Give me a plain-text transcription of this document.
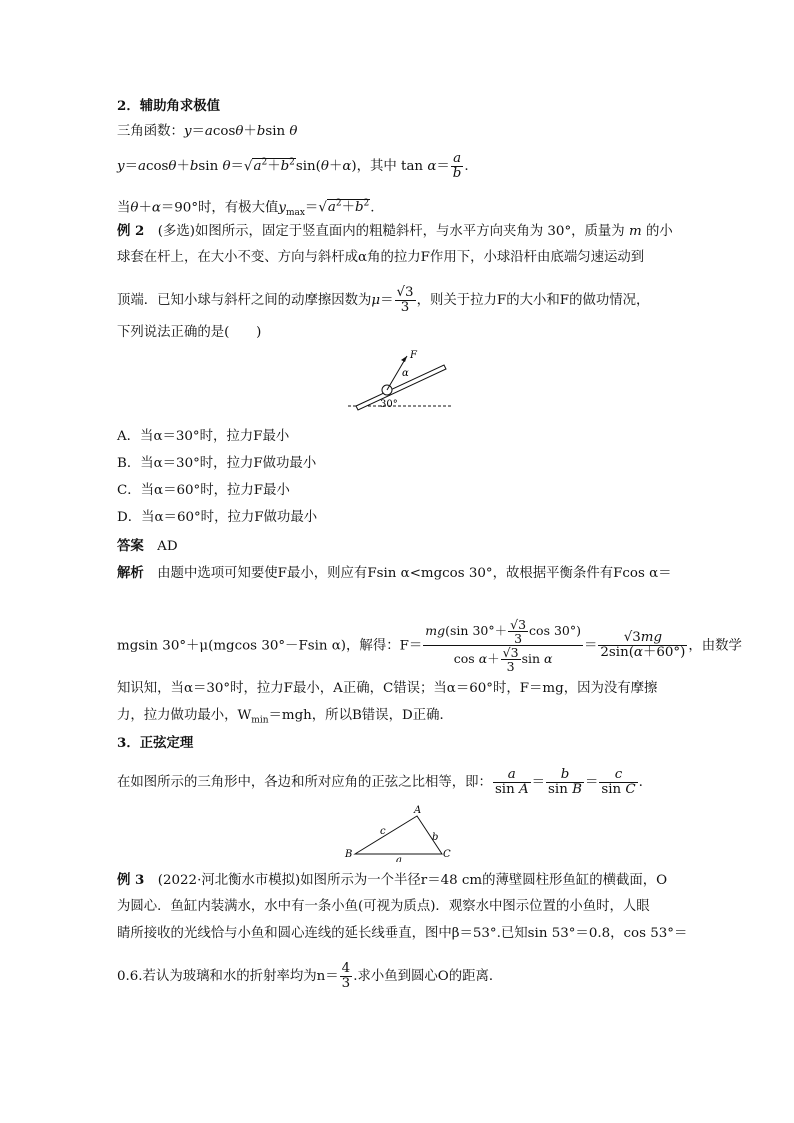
2．辅助角求极值
三角函数：y＝acosθ＋bsin θ
y＝acosθ＋bsin $\theta=√a^2+b^2\sin(\theta+\alpha)$，其中 $\tan \alpha= \frac{a}{b}$ .
当θ＋α＝90°时，有极大值$y_{max}=√a^2+b^2$.
例 2　 (多选)如图所示，固定于竖直面内的粗糙斜杆，与水平方向夹角为 30°，质量为 m 的小
球套在杆上，在大小不变、方向与斜杆成α角的拉力F作用下，小球沿杆由底端匀速运动到
顶端．已知小球与斜杆之间的动摩擦因数为$\mu= \frac{√3}{3}$ ，则关于拉力F的大小和F的做功情况，
下列说法正确的是(　　)
F
α
30°
A．当α＝30°时，拉力F最小
B．当α＝30°时，拉力F做功最小
C．当α＝60°时，拉力F最小
D．当α＝60°时，拉力F做功最小
答案　 AD
解析　 由题中选项可知要使F最小，则应有Fsin α<mgcos 30°，故根据平衡条件有Fcos α＝
mgsin 30°＋μ(mgcos 30°－Fsin α)，解得：$F= \frac{mg(\sin 30^\circ+ \frac{√3}{3} \cos 30^\circ)}{\cos \alpha+ \frac{√3}{3} \sin \alpha} = \frac{√3mg}{2\sin(\alpha+60^\circ)}$ ，由数学
知识知，当α＝30°时，拉力F最小，A正确，C错误；当α＝60°时，F＝mg，因为没有摩擦
力，拉力做功最小，$W_{min}=mgh$，所以B错误，D正确．
3．正弦定理
在如图所示的三角形中，各边和所对应角的正弦之比相等，即： $\frac{a}{\text{sin A}} = \frac{b}{\text{sin B}} = \frac{c}{\text{sin C}}$ .
A
B	C
a
b
c
例 3　 (2022·河北衡水市模拟)如图所示为一个半径r＝48 cm的薄壁圆柱形鱼缸的横截面，O
为圆心．鱼缸内装满水，水中有一条小鱼(可视为质点)．观察水中图示位置的小鱼时，人眼
睛所接收的光线恰与小鱼和圆心连线的延长线垂直，图中β＝53°.已知sin 53°＝0.8，cos 53°＝
0.6.若认为玻璃和水的折射率均为$n= \frac{4}{3}$ .求小鱼到圆心O的距离．
